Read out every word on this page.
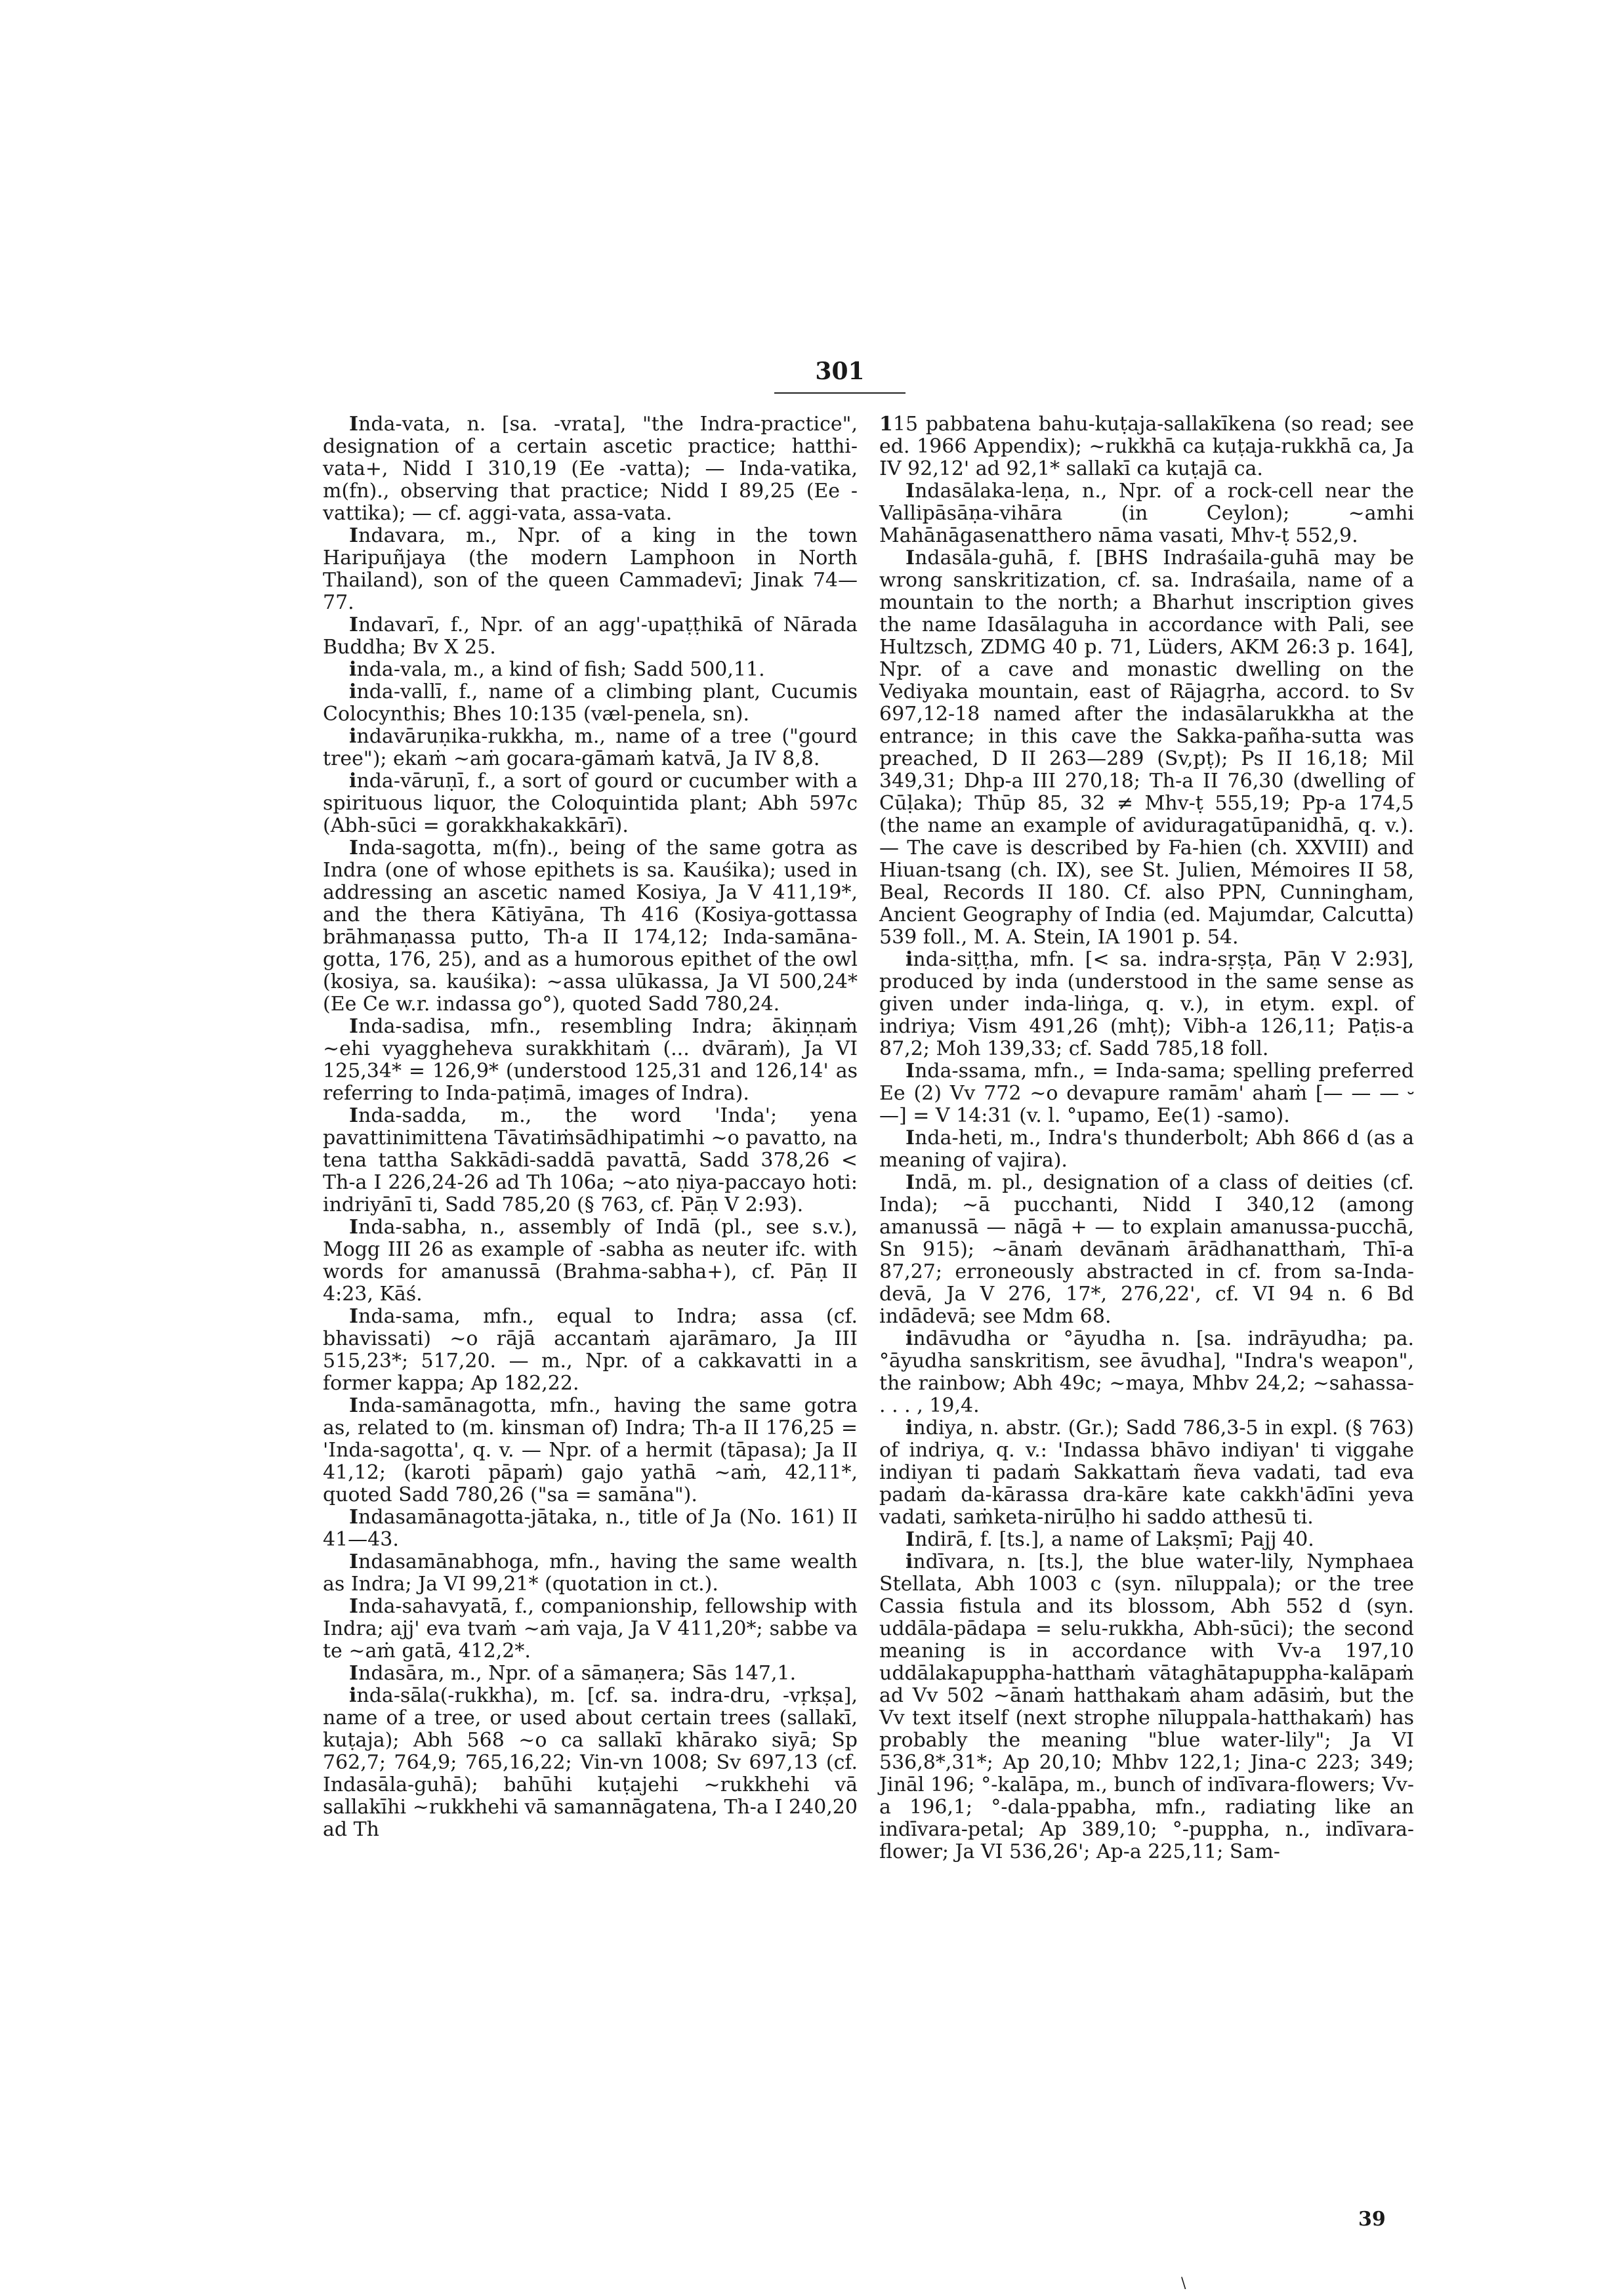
301

Inda-vata, n. [sa. -vrata], "the Indra-practice", designation of a certain ascetic practice; hatthi-vata+, Nidd I 310,19 (Ee -vatta); — Inda-vatika, m(fn)., observing that practice; Nidd I 89,25 (Ee -vattika); — cf. aggi-vata, assa-vata.

Indavara, m., Npr. of a king in the town Haripuñjaya (the modern Lamphoon in North Thailand), son of the queen Cammadevī; Jinak 74—77.

Indavarī, f., Npr. of an agg'-upaṭṭhikā of Nārada Buddha; Bv X 25.

inda-vala, m., a kind of fish; Sadd 500,11.

inda-vallī, f., name of a climbing plant, Cucumis Colocynthis; Bhes 10:135 (væl-penela, sn).

indavāruṇika-rukkha, m., name of a tree ("gourd tree"); ekaṁ ~aṁ gocara-gāmaṁ katvā, Ja IV 8,8.

inda-vāruṇī, f., a sort of gourd or cucumber with a spirituous liquor, the Coloquintida plant; Abh 597c (Abh-sūci = gorakkhakakkārī).

Inda-sagotta, m(fn)., being of the same gotra as Indra (one of whose epithets is sa. Kauśika); used in addressing an ascetic named Kosiya, Ja V 411,19*, and the thera Kātiyāna, Th 416 (Kosiya-gottassa brāhmaṇassa putto, Th-a II 174,12; Inda-samāna-gotta, 176, 25), and as a humorous epithet of the owl (kosiya, sa. kauśika): ~assa ulūkassa, Ja VI 500,24* (Ee Ce w.r. indassa go°), quoted Sadd 780,24.

Inda-sadisa, mfn., resembling Indra; ākiṇṇaṁ ~ehi vyaggheheva surakkhitaṁ (... dvāraṁ), Ja VI 125,34* = 126,9* (understood 125,31 and 126,14' as referring to Inda-paṭimā, images of Indra).

Inda-sadda, m., the word 'Inda'; yena pavattinimittena Tāvatiṁsādhipatimhi ~o pavatto, na tena tattha Sakkādi-saddā pavattā, Sadd 378,26 < Th-a I 226,24-26 ad Th 106a; ~ato ṇiya-paccayo hoti: indriyānī ti, Sadd 785,20 (§ 763, cf. Pāṇ V 2:93).

Inda-sabha, n., assembly of Indā (pl., see s.v.), Mogg III 26 as example of -sabha as neuter ifc. with words for amanussā (Brahma-sabha+), cf. Pāṇ II 4:23, Kāś.

Inda-sama, mfn., equal to Indra; assa (cf. bhavissati) ~o rājā accantaṁ ajarāmaro, Ja III 515,23*; 517,20. — m., Npr. of a cakkavatti in a former kappa; Ap 182,22.

Inda-samānagotta, mfn., having the same gotra as, related to (m. kinsman of) Indra; Th-a II 176,25 = 'Inda-sagotta', q. v. — Npr. of a hermit (tāpasa); Ja II 41,12; (karoti pāpaṁ) gajo yathā ~aṁ, 42,11*, quoted Sadd 780,26 ("sa = samāna").

Indasamānagotta-jātaka, n., title of Ja (No. 161) II 41—43.

Indasamānabhoga, mfn., having the same wealth as Indra; Ja VI 99,21* (quotation in ct.).

Inda-sahavyatā, f., companionship, fellowship with Indra; ajj' eva tvaṁ ~aṁ vaja, Ja V 411,20*; sabbe va te ~aṁ gatā, 412,2*.

Indasāra, m., Npr. of a sāmaṇera; Sās 147,1.

inda-sāla(-rukkha), m. [cf. sa. indra-dru, -vṛkṣa], name of a tree, or used about certain trees (sallakī, kuṭaja); Abh 568 ~o ca sallakī khārako siyā; Sp 762,7; 764,9; 765,16,22; Vin-vn 1008; Sv 697,13 (cf. Indasāla-guhā); bahūhi kuṭajehi ~rukkhehi vā sallakīhi ~rukkhehi vā samannāgatena, Th-a I 240,20 ad Th

115 pabbatena bahu-kuṭaja-sallakīkena (so read; see ed. 1966 Appendix); ~rukkhā ca kuṭaja-rukkhā ca, Ja IV 92,12' ad 92,1* sallakī ca kuṭajā ca.

Indasālaka-leṇa, n., Npr. of a rock-cell near the Vallipāsāṇa-vihāra (in Ceylon); ~amhi Mahānāgasenatthero nāma vasati, Mhv-ṭ 552,9.

Indasāla-guhā, f. [BHS Indraśaila-guhā may be wrong sanskritization, cf. sa. Indraśaila, name of a mountain to the north; a Bharhut inscription gives the name Idasālaguha in accordance with Pali, see Hultzsch, ZDMG 40 p. 71, Lüders, AKM 26:3 p. 164], Npr. of a cave and monastic dwelling on the Vediyaka mountain, east of Rājagṛha, accord. to Sv 697,12-18 named after the indasālarukkha at the entrance; in this cave the Sakka-pañha-sutta was preached, D II 263—289 (Sv,pṭ); Ps II 16,18; Mil 349,31; Dhp-a III 270,18; Th-a II 76,30 (dwelling of Cūḷaka); Thūp 85, 32 ≠ Mhv-ṭ 555,19; Pp-a 174,5 (the name an example of aviduragatūpanidhā, q. v.). — The cave is described by Fa-hien (ch. XXVIII) and Hiuan-tsang (ch. IX), see St. Julien, Mémoires II 58, Beal, Records II 180. Cf. also PPN, Cunningham, Ancient Geography of India (ed. Majumdar, Calcutta) 539 foll., M. A. Stein, IA 1901 p. 54.

inda-siṭṭha, mfn. [< sa. indra-sṛṣṭa, Pāṇ V 2:93], produced by inda (understood in the same sense as given under inda-liṅga, q. v.), in etym. expl. of indriya; Vism 491,26 (mhṭ); Vibh-a 126,11; Paṭis-a 87,2; Moh 139,33; cf. Sadd 785,18 foll.

Inda-ssama, mfn., = Inda-sama; spelling preferred Ee (2) Vv 772 ~o devapure ramām' ahaṁ [— — — ⏑ —] = V 14:31 (v. l. °upamo, Ee(1) -samo).

Inda-heti, m., Indra's thunderbolt; Abh 866 d (as a meaning of vajira).

Indā, m. pl., designation of a class of deities (cf. Inda); ~ā pucchanti, Nidd I 340,12 (among amanussā — nāgā + — to explain amanussa-pucchā, Sn 915); ~ānaṁ devānaṁ ārādhanatthaṁ, Thī-a 87,27; erroneously abstracted in cf. from sa-Inda-devā, Ja V 276, 17*, 276,22', cf. VI 94 n. 6 Bd indādevā; see Mdm 68.

indāvudha or °āyudha n. [sa. indrāyudha; pa. °āyudha sanskritism, see āvudha], "Indra's weapon", the rainbow; Abh 49c; ~maya, Mhbv 24,2; ~sahassa- . . . , 19,4.

indiya, n. abstr. (Gr.); Sadd 786,3-5 in expl. (§ 763) of indriya, q. v.: 'Indassa bhāvo indiyan' ti viggahe indiyan ti padaṁ Sakkattaṁ ñeva vadati, tad eva padaṁ da-kārassa dra-kāre kate cakkh'ādīni yeva vadati, saṁketa-nirūḷho hi saddo atthesū ti.

Indirā, f. [ts.], a name of Lakṣmī; Pajj 40.

indīvara, n. [ts.], the blue water-lily, Nymphaea Stellata, Abh 1003 c (syn. nīluppala); or the tree Cassia fistula and its blossom, Abh 552 d (syn. uddāla-pādapa = selu-rukkha, Abh-sūci); the second meaning is in accordance with Vv-a 197,10 uddālakapuppha-hatthaṁ vātaghātapuppha-kalāpaṁ ad Vv 502 ~ānaṁ hatthakaṁ aham adāsiṁ, but the Vv text itself (next strophe nīluppala-hatthakaṁ) has probably the meaning "blue water-lily"; Ja VI 536,8*,31*; Ap 20,10; Mhbv 122,1; Jina-c 223; 349; Jināl 196; °-kalāpa, m., bunch of indīvara-flowers; Vv-a 196,1; °-dala-ppabha, mfn., radiating like an indīvara-petal; Ap 389,10; °-puppha, n., indīvara-flower; Ja VI 536,26'; Ap-a 225,11; Sam-

39
\
